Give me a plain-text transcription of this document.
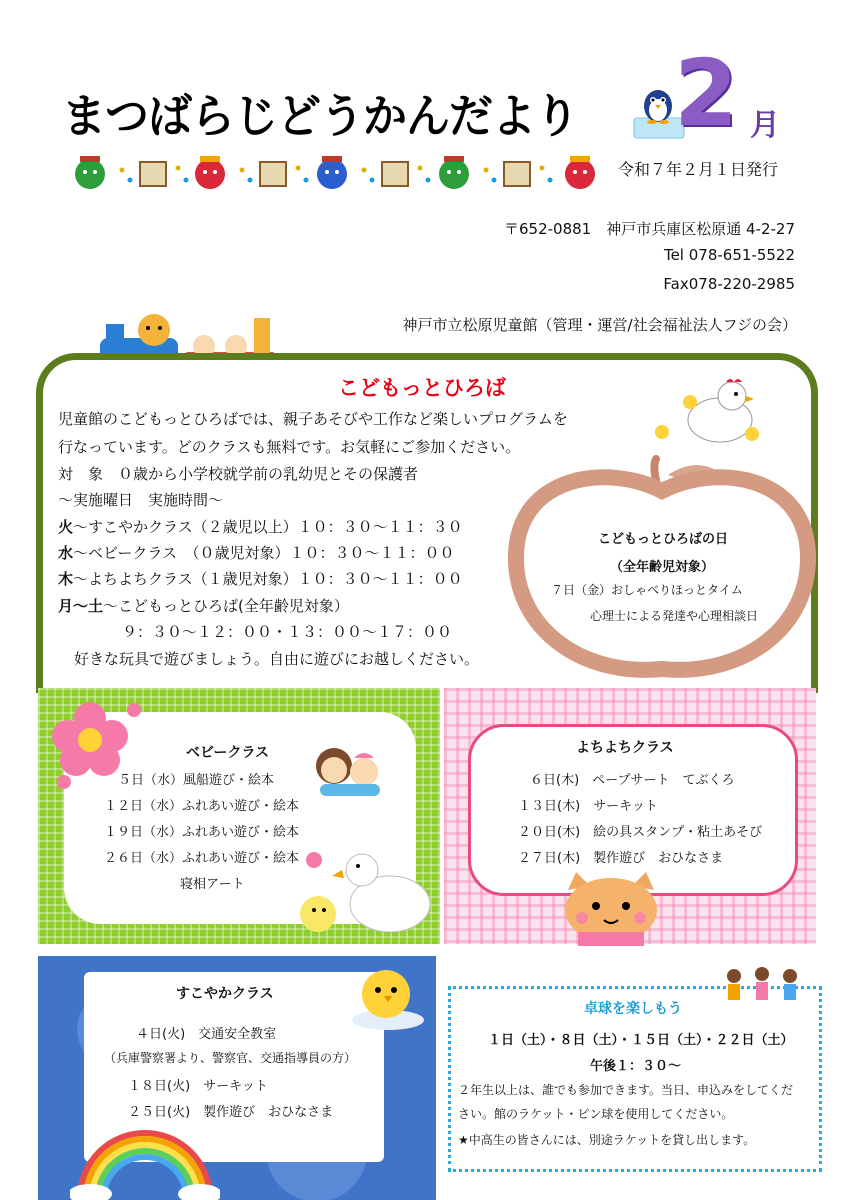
まつばらじどうかんだより 2 月
令和７年２月１日発行
〒652-0881　神戸市兵庫区松原通 4-2-27
Tel 078-651-5522
Fax078-220-2985
神戸市立松原児童館（管理・運営/社会福祉法人フジの会）
こどもっとひろば
児童館のこどもっとひろばでは、親子あそびや工作など楽しいプログラムを
行なっています。どのクラスも無料です。お気軽にご参加ください。
対　象　０歳から小学校就学前の乳幼児とその保護者
～実施曜日　実施時間～
火～すこやかクラス（２歳児以上）１０：３０～１１：３０
水～ベビークラス　（０歳児対象）１０：３０～１１：００
木～よちよちクラス（１歳児対象）１０：３０～１１：００
月～土～こどもっとひろば(全年齢児対象）
９：３０～１２：００・１３：００～１７：００
好きな玩具で遊びましょう。自由に遊びにお越しください。
こどもっとひろばの日
（全年齢児対象）
７日（金）おしゃべりほっとタイム
心理士による発達や心理相談日
ベビークラス
５日（水）風船遊び・絵本
１２日（水）ふれあい遊び・絵本
１９日（水）ふれあい遊び・絵本
２６日（水）ふれあい遊び・絵本
寝相アート
よちよちクラス
６日(木)　ペープサート　てぶくろ
１３日(木)　サーキット
２０日(木)　絵の具スタンプ・粘土あそび
２７日(木)　製作遊び　おひなさま
すこやかクラス
４日(火)　交通安全教室
（兵庫警察署より、警察官、交通指導員の方）
１８日(火)　サーキット
２５日(火)　製作遊び　おひなさま
卓球を楽しもう
１日（土）・８日（土）・１５日（土）・２２日（土）
午後１：３０～
２年生以上は、誰でも参加できます。当日、申込みをしてくだ
さい。館のラケット・ピン球を使用してください。
★中高生の皆さんには、別途ラケットを貸し出します。
